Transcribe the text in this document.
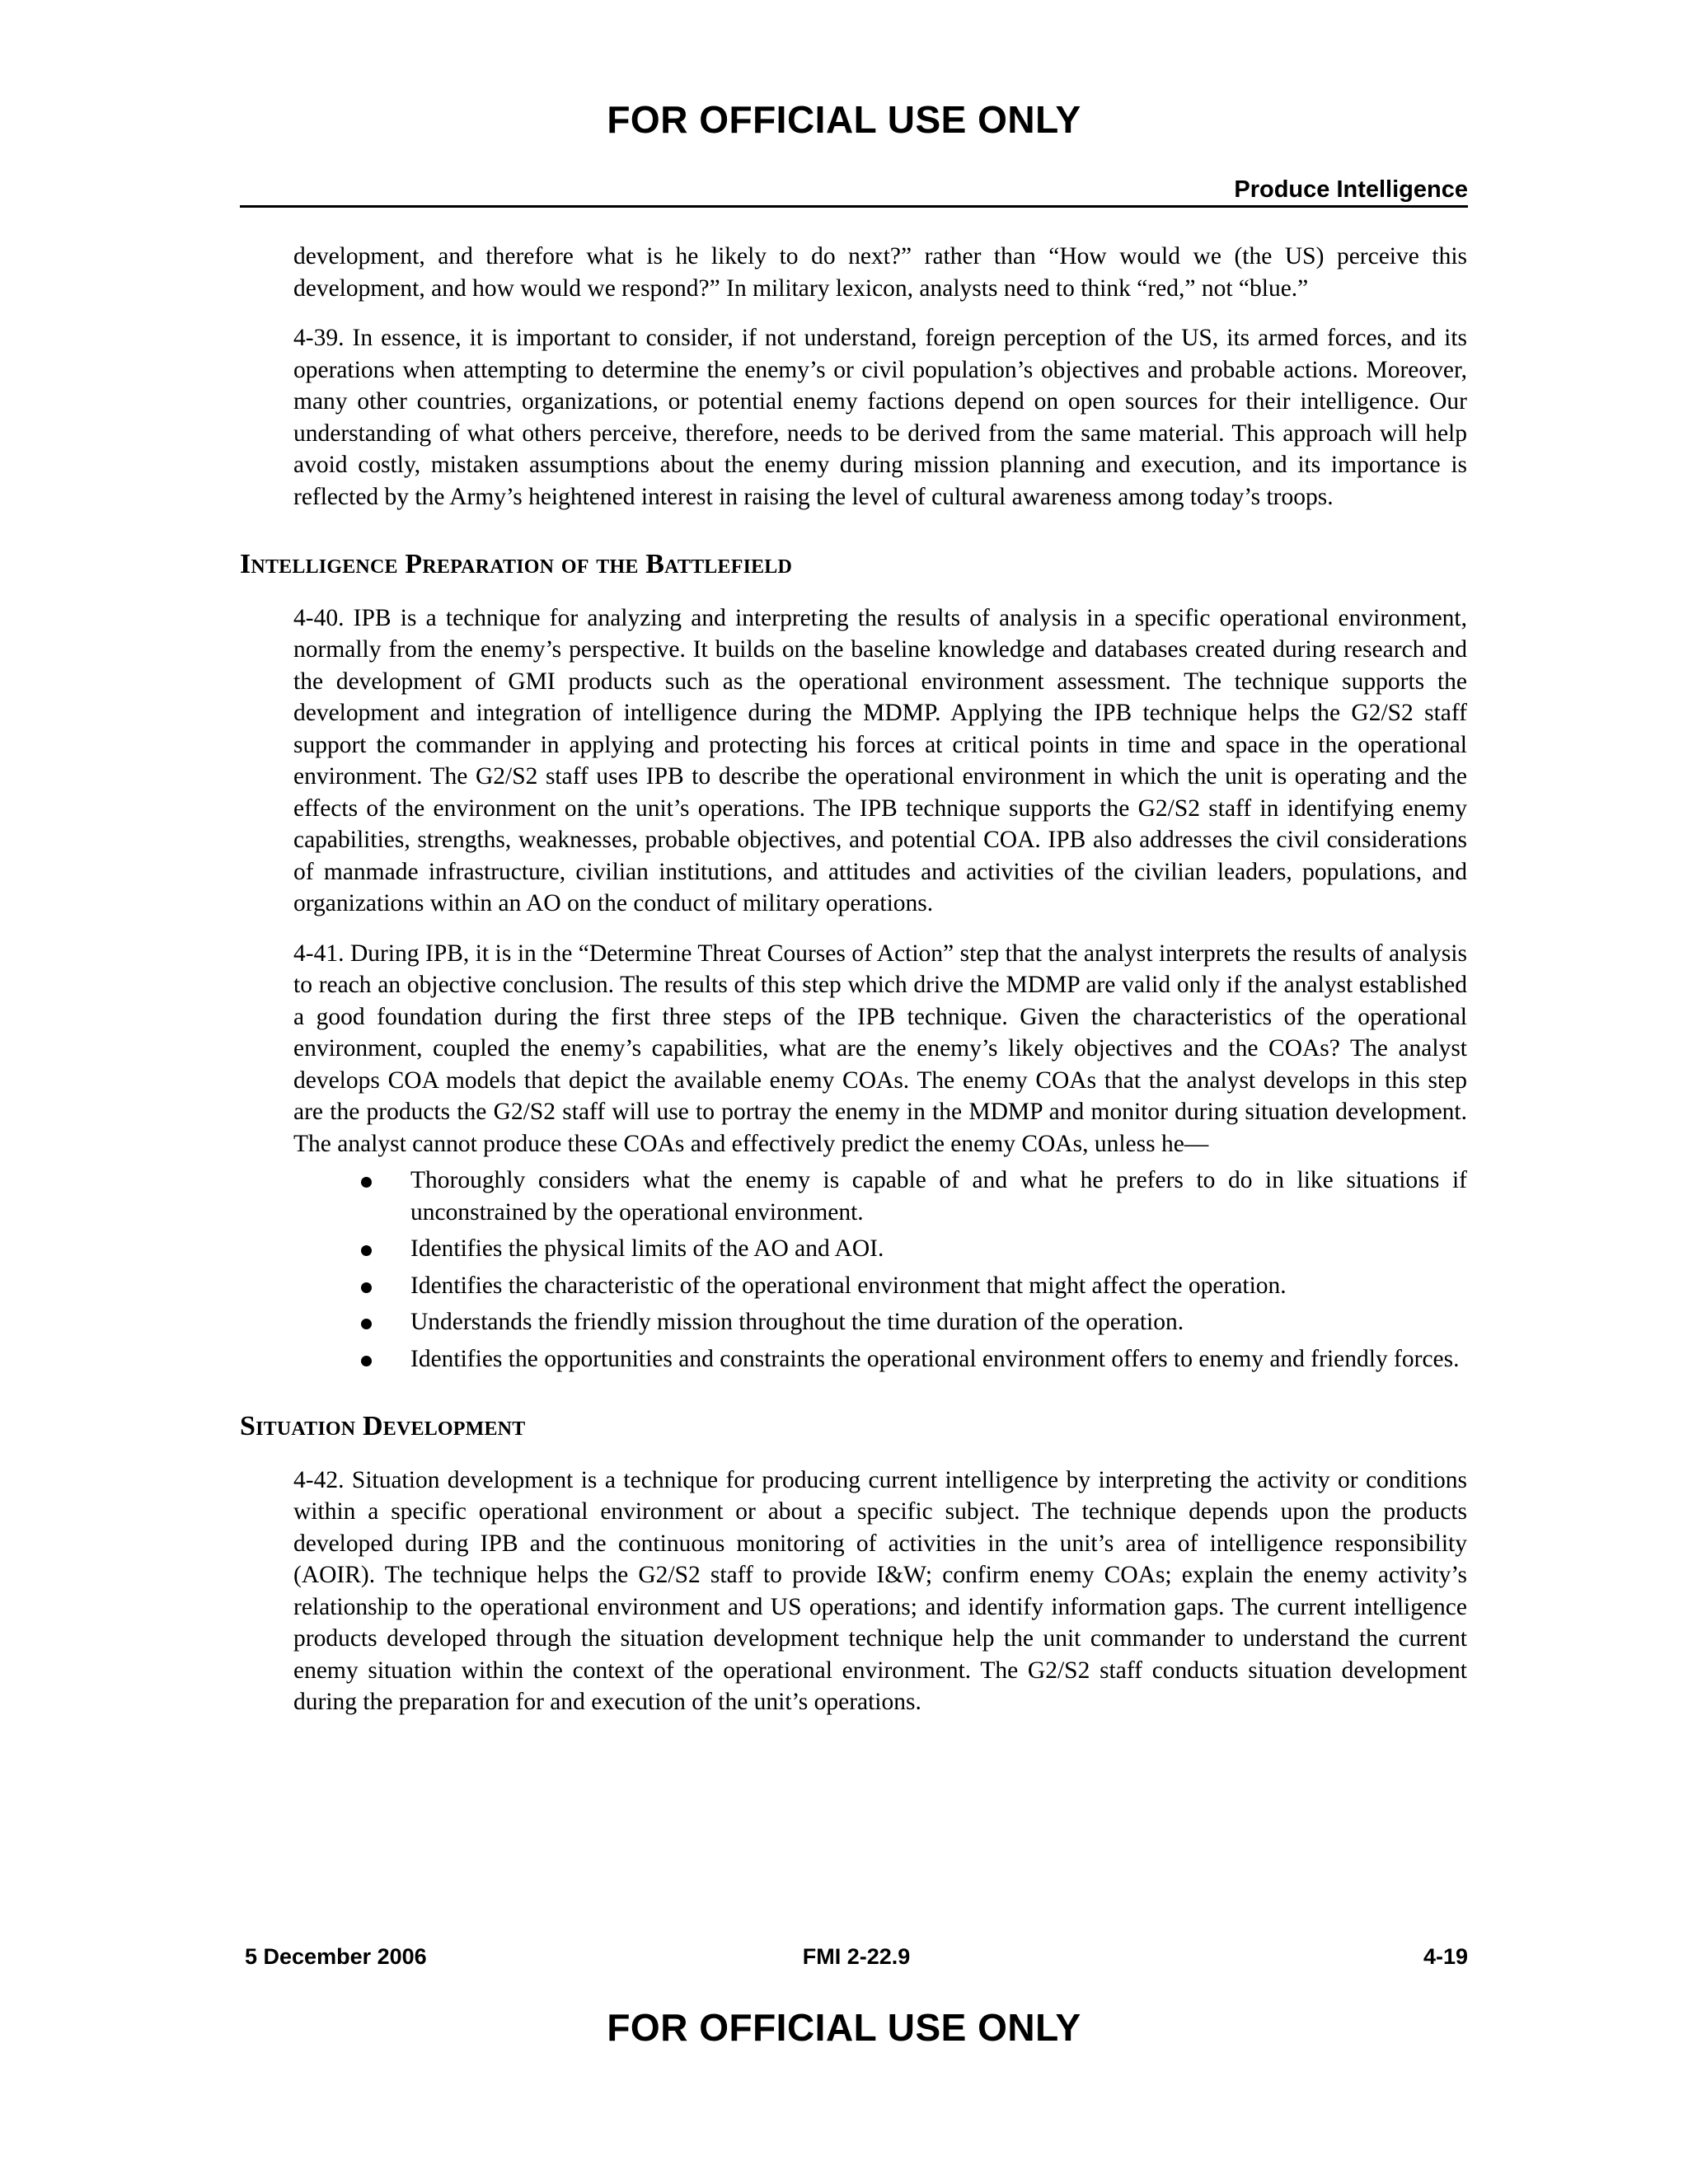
FOR OFFICIAL USE ONLY
Produce Intelligence

development, and therefore what is he likely to do next?” rather than “How would we (the US) perceive this development, and how would we respond?” In military lexicon, analysts need to think “red,” not “blue.”

4-39. In essence, it is important to consider, if not understand, foreign perception of the US, its armed forces, and its operations when attempting to determine the enemy’s or civil population’s objectives and probable actions. Moreover, many other countries, organizations, or potential enemy factions depend on open sources for their intelligence. Our understanding of what others perceive, therefore, needs to be derived from the same material. This approach will help avoid costly, mistaken assumptions about the enemy during mission planning and execution, and its importance is reflected by the Army’s heightened interest in raising the level of cultural awareness among today’s troops.

Intelligence Preparation of the Battlefield

4-40. IPB is a technique for analyzing and interpreting the results of analysis in a specific operational environment, normally from the enemy’s perspective. It builds on the baseline knowledge and databases created during research and the development of GMI products such as the operational environment assessment. The technique supports the development and integration of intelligence during the MDMP. Applying the IPB technique helps the G2/S2 staff support the commander in applying and protecting his forces at critical points in time and space in the operational environment. The G2/S2 staff uses IPB to describe the operational environment in which the unit is operating and the effects of the environment on the unit’s operations. The IPB technique supports the G2/S2 staff in identifying enemy capabilities, strengths, weaknesses, probable objectives, and potential COA. IPB also addresses the civil considerations of manmade infrastructure, civilian institutions, and attitudes and activities of the civilian leaders, populations, and organizations within an AO on the conduct of military operations.

4-41. During IPB, it is in the “Determine Threat Courses of Action” step that the analyst interprets the results of analysis to reach an objective conclusion. The results of this step which drive the MDMP are valid only if the analyst established a good foundation during the first three steps of the IPB technique. Given the characteristics of the operational environment, coupled the enemy’s capabilities, what are the enemy’s likely objectives and the COAs? The analyst develops COA models that depict the available enemy COAs. The enemy COAs that the analyst develops in this step are the products the G2/S2 staff will use to portray the enemy in the MDMP and monitor during situation development. The analyst cannot produce these COAs and effectively predict the enemy COAs, unless he—

Thoroughly considers what the enemy is capable of and what he prefers to do in like situations if unconstrained by the operational environment.
Identifies the physical limits of the AO and AOI.
Identifies the characteristic of the operational environment that might affect the operation.
Understands the friendly mission throughout the time duration of the operation.
Identifies the opportunities and constraints the operational environment offers to enemy and friendly forces.
Situation Development

4-42. Situation development is a technique for producing current intelligence by interpreting the activity or conditions within a specific operational environment or about a specific subject. The technique depends upon the products developed during IPB and the continuous monitoring of activities in the unit’s area of intelligence responsibility (AOIR). The technique helps the G2/S2 staff to provide I&W; confirm enemy COAs; explain the enemy activity’s relationship to the operational environment and US operations; and identify information gaps. The current intelligence products developed through the situation development technique help the unit commander to understand the current enemy situation within the context of the operational environment. The G2/S2 staff conducts situation development during the preparation for and execution of the unit’s operations.

5 December 2006	FMI 2-22.9	4-19
FOR OFFICIAL USE ONLY
